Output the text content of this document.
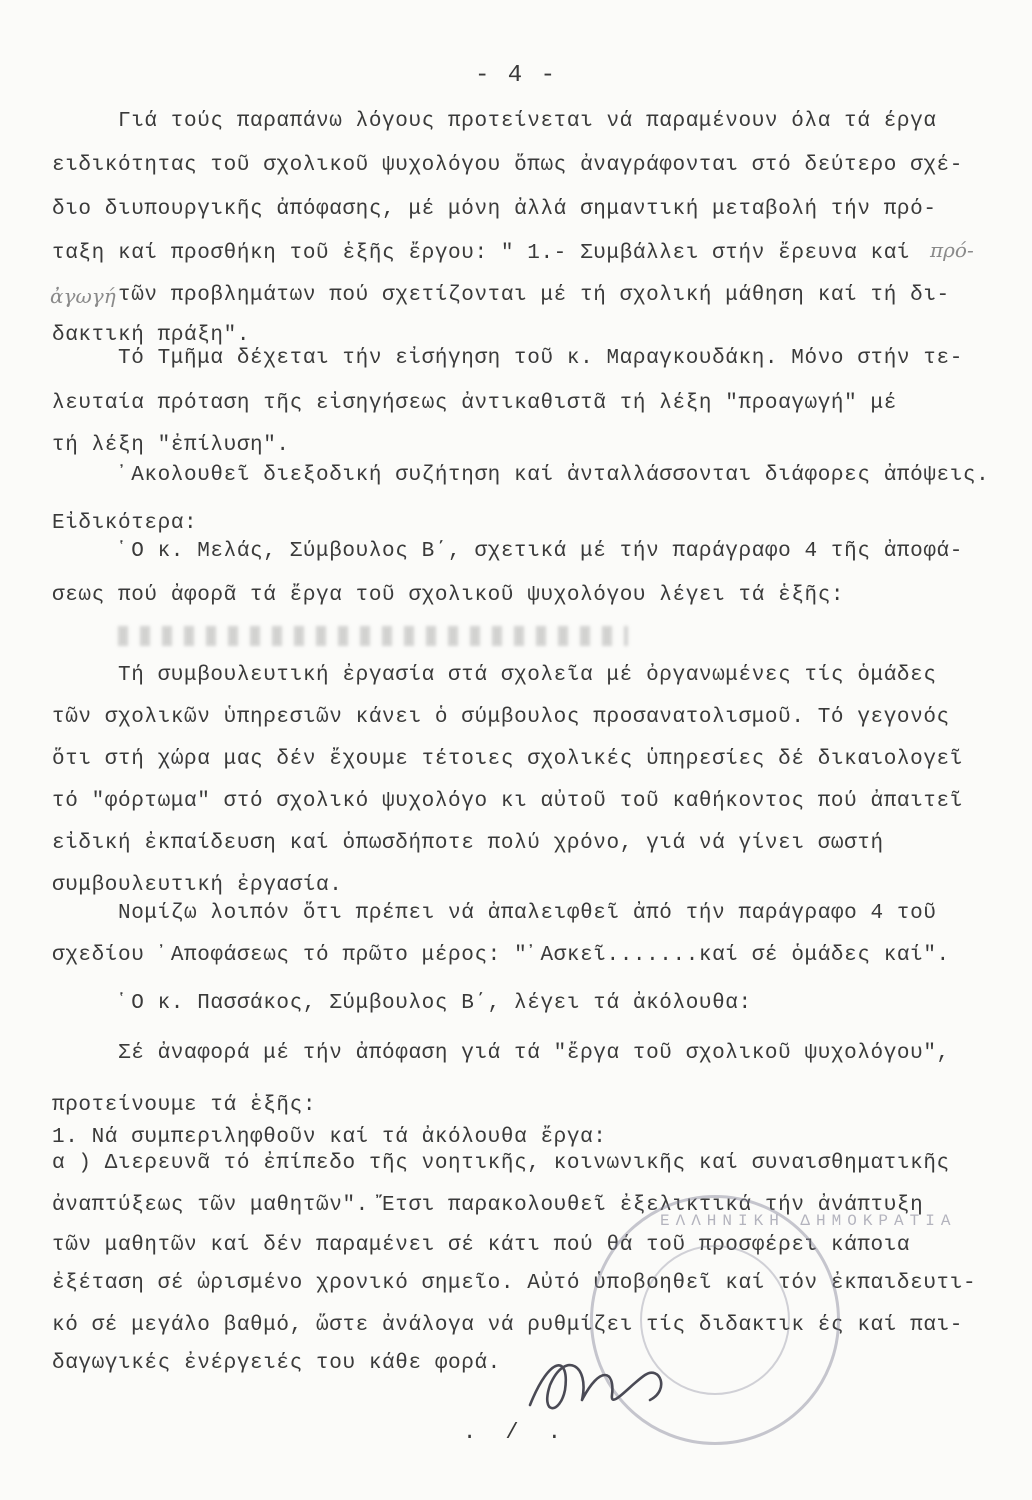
- 4 -
Γιά τούς παραπάνω λόγους προτείνεται νά παραμένουν όλα τά έργα
ειδικότητας τοῦ σχολικοῦ ψυχολόγου ὅπως ἀναγράφονται στό δεύτερο σχέ-
διο διυπουργικῆς ἀπόφασης, μέ μόνη ἀλλά σημαντική μεταβολή τήν πρό-
ταξη καί προσθήκη τοῦ ἑξῆς ἔργου: " 1.- Συμβάλλει στήν ἔρευνα καί
τῶν προβλημάτων πού σχετίζονται μέ τή σχολική μάθηση καί τή δι-
δακτική πράξη".
Τό Τμῆμα δέχεται τήν εἰσήγηση τοῦ κ. Μαραγκουδάκη. Μόνο στήν τε-
λευταία πρόταση τῆς εἰσηγήσεως ἀντικαθιστᾶ τή λέξη "προαγωγή" μέ
τή λέξη "ἐπίλυση".
᾿Ακολουθεῖ διεξοδική συζήτηση καί ἀνταλλάσσονται διάφορες ἀπόψεις.
Εἰδικότερα:
῾Ο κ. Μελάς, Σύμβουλος Β΄, σχετικά μέ τήν παράγραφο 4 τῆς ἀποφά-
σεως πού ἀφορᾶ τά ἔργα τοῦ σχολικοῦ ψυχολόγου λέγει τά ἑξῆς:
Τή συμβουλευτική ἐργασία στά σχολεῖα μέ ὀργανωμένες τίς ὁμάδες
τῶν σχολικῶν ὑπηρεσιῶν κάνει ὁ σύμβουλος προσανατολισμοῦ. Τό γεγονός
ὅτι στή χώρα μας δέν ἔχουμε τέτοιες σχολικές ὑπηρεσίες δέ δικαιολογεῖ
τό "φόρτωμα" στό σχολικό ψυχολόγο κι αὐτοῦ τοῦ καθήκοντος πού ἀπαιτεῖ
εἰδική ἐκπαίδευση καί ὁπωσδήποτε πολύ χρόνο, γιά νά γίνει σωστή
συμβουλευτική ἐργασία.
Νομίζω λοιπόν ὅτι πρέπει νά ἀπαλειφθεῖ ἀπό τήν παράγραφο 4 τοῦ
σχεδίου ᾿Αποφάσεως τό πρῶτο μέρος: "᾿Ασκεῖ.......καί σέ ὁμάδες καί".
῾Ο κ. Πασσάκος, Σύμβουλος Β΄, λέγει τά ἀκόλουθα:
Σέ ἀναφορά μέ τήν ἀπόφαση γιά τά "ἔργα τοῦ σχολικοῦ ψυχολόγου",
προτείνουμε τά ἑξῆς:
1. Νά συμπεριληφθοῦν καί τά ἀκόλουθα ἔργα:
α ) Διερευνᾶ τό ἐπίπεδο τῆς νοητικῆς, κοινωνικῆς καί συναισθηματικῆς
ἀναπτύξεως τῶν μαθητῶν". Ἔτσι παρακολουθεῖ ἐξελικτικά τήν ἀνάπτυξη
τῶν μαθητῶν καί δέν παραμένει σέ κάτι πού θά τοῦ προσφέρει κάποια
ἐξέταση σέ ὡρισμένο χρονικό σημεῖο. Αὐτό ὑποβοηθεῖ καί τόν ἐκπαιδευτι-
κό σέ μεγάλο βαθμό, ὥστε ἀνάλογα νά ρυθμίζει τίς διδακτικ ές καί παι-
δαγωγικές ἐνέργειές του κάθε φορά.
πρό-
ἀγωγή
ΕΛΛΗΝΙΚΗ ΔΗΜΟΚΡΑΤΙΑ
. / .
